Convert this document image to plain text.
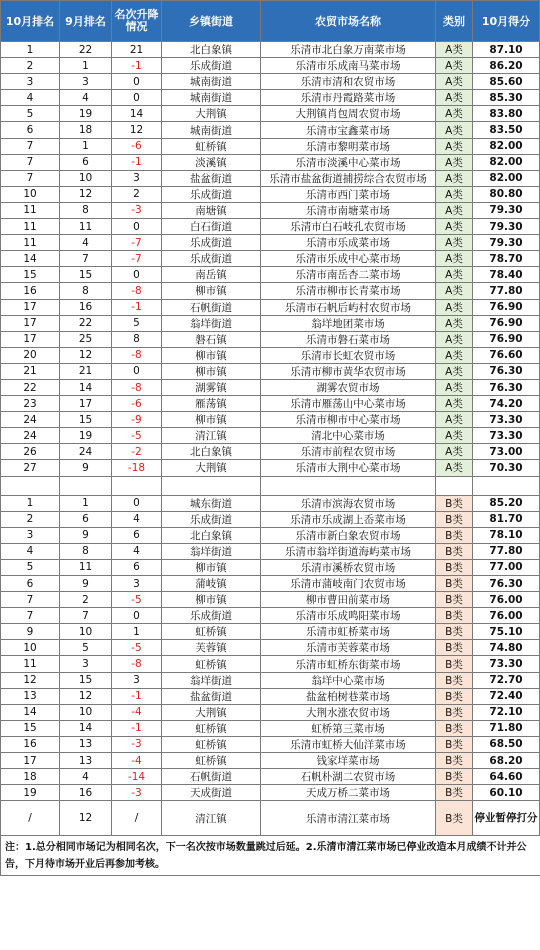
10月排名	9月排名	名次升降情况	乡镇街道	农贸市场名称	类别	10月得分
1	22	21	北白象镇	乐清市北白象万南菜市场	A类	87.10
2	1	-1	乐成街道	乐清市乐成南马菜市场	A类	86.20
3	3	0	城南街道	乐清市清和农贸市场	A类	85.60
4	4	0	城南街道	乐清市丹霞路菜市场	A类	85.30
5	19	14	大荆镇	大荆镇肖包周农贸市场	A类	83.80
6	18	12	城南街道	乐清市宝鑫菜市场	A类	83.50
7	1	-6	虹桥镇	乐清市黎明菜市场	A类	82.00
7	6	-1	淡溪镇	乐清市淡溪中心菜市场	A类	82.00
7	10	3	盐盆街道	乐清市盐盆街道捕捞综合农贸市场	A类	82.00
10	12	2	乐成街道	乐清市西门菜市场	A类	80.80
11	8	-3	南塘镇	乐清市南塘菜市场	A类	79.30
11	11	0	白石街道	乐清市白石岐孔农贸市场	A类	79.30
11	4	-7	乐成街道	乐清市乐成菜市场	A类	79.30
14	7	-7	乐成街道	乐清市乐成中心菜市场	A类	78.70
15	15	0	南岳镇	乐清市南岳杏二菜市场	A类	78.40
16	8	-8	柳市镇	乐清市柳市长青菜市场	A类	77.80
17	16	-1	石帆街道	乐清市石帆后屿村农贸市场	A类	76.90
17	22	5	翁垟街道	翁垟地团菜市场	A类	76.90
17	25	8	磐石镇	乐清市磐石菜市场	A类	76.90
20	12	-8	柳市镇	乐清市长虹农贸市场	A类	76.60
21	21	0	柳市镇	乐清市柳市黄华农贸市场	A类	76.30
22	14	-8	湖雾镇	湖雾农贸市场	A类	76.30
23	17	-6	雁荡镇	乐清市雁荡山中心菜市场	A类	74.20
24	15	-9	柳市镇	乐清市柳市中心菜市场	A类	73.30
24	19	-5	清江镇	清北中心菜市场	A类	73.30
26	24	-2	北白象镇	乐清市前程农贸市场	A类	73.00
27	9	-18	大荆镇	乐清市大荆中心菜市场	A类	70.30

1	1	0	城东街道	乐清市滨海农贸市场	B类	85.20
2	6	4	乐成街道	乐清市乐成湖上岙菜市场	B类	81.70
3	9	6	北白象镇	乐清市新白象农贸市场	B类	78.10
4	8	4	翁垟街道	乐清市翁垟街道海屿菜市场	B类	77.80
5	11	6	柳市镇	乐清市溪桥农贸市场	B类	77.00
6	9	3	蒲岐镇	乐清市蒲岐南门农贸市场	B类	76.30
7	2	-5	柳市镇	柳市曹田前菜市场	B类	76.00
7	7	0	乐成街道	乐清市乐成鸣阳菜市场	B类	76.00
9	10	1	虹桥镇	乐清市虹桥菜市场	B类	75.10
10	5	-5	芙蓉镇	乐清市芙蓉菜市场	B类	74.80
11	3	-8	虹桥镇	乐清市虹桥东街菜市场	B类	73.30
12	15	3	翁垟街道	翁垟中心菜市场	B类	72.70
13	12	-1	盐盆街道	盐盆柏树巷菜市场	B类	72.40
14	10	-4	大荆镇	大荆水涨农贸市场	B类	72.10
15	14	-1	虹桥镇	虹桥第三菜市场	B类	71.80
16	13	-3	虹桥镇	乐清市虹桥大仙洋菜市场	B类	68.50
17	13	-4	虹桥镇	钱家垟菜市场	B类	68.20
18	4	-14	石帆街道	石帆朴湖二农贸市场	B类	64.60
19	16	-3	天成街道	天成万桥二菜市场	B类	60.10
/	12	/	清江镇	乐清市清江菜市场	B类	停业暂停打分
注：1.总分相同市场记为相同名次，下一名次按市场数量跳过后延。2.乐清市清江菜市场已停业改造本月成绩不计并公告，下月待市场开业后再参加考核。
